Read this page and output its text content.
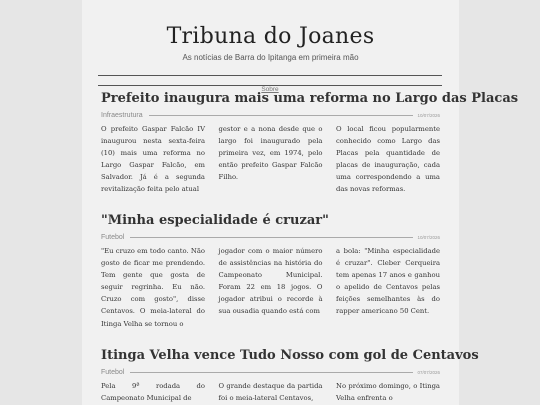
Tribuna do Joanes
As notícias de Barra do Ipitanga em primeira mão
Sobre
Prefeito inaugura mais uma reforma no Largo das Placas
Infraestrutura	10/07/2026

O prefeito Gaspar Falcão IV inaugurou nesta sexta-feira (10) mais uma reforma no Largo Gaspar Falcão, em Salvador. Já é a segunda revitalização feita pelo atual

gestor e a nona desde que o largo foi inaugurado pela primeira vez, em 1974, pelo então prefeito Gaspar Falcão Filho.

O local ficou popularmente conhecido como Largo das Placas pela quantidade de placas de inauguração, cada uma correspondendo a uma das novas reformas.

"Minha especialidade é cruzar"
Futebol	10/07/2026

"Eu cruzo em todo canto. Não gosto de ficar me prendendo. Tem gente que gosta de seguir regrinha. Eu não. Cruzo com gosto", disse Centavos. O meia-lateral do Itinga Velha se tornou o

jogador com o maior número de assistências na história do Campeonato Municipal. Foram 22 em 18 jogos. O jogador atribui o recorde à sua ousadia quando está com

a bola: "Minha especialidade é cruzar". Cleber Cerqueira tem apenas 17 anos e ganhou o apelido de Centavos pelas feições semelhantes às do rapper americano 50 Cent.

Itinga Velha vence Tudo Nosso com gol de Centavos
Futebol	07/07/2026

Pela 9ª rodada do Campeonato Municipal de

O grande destaque da partida foi o meia-lateral Centavos,

No próximo domingo, o Itinga Velha enfrenta o
